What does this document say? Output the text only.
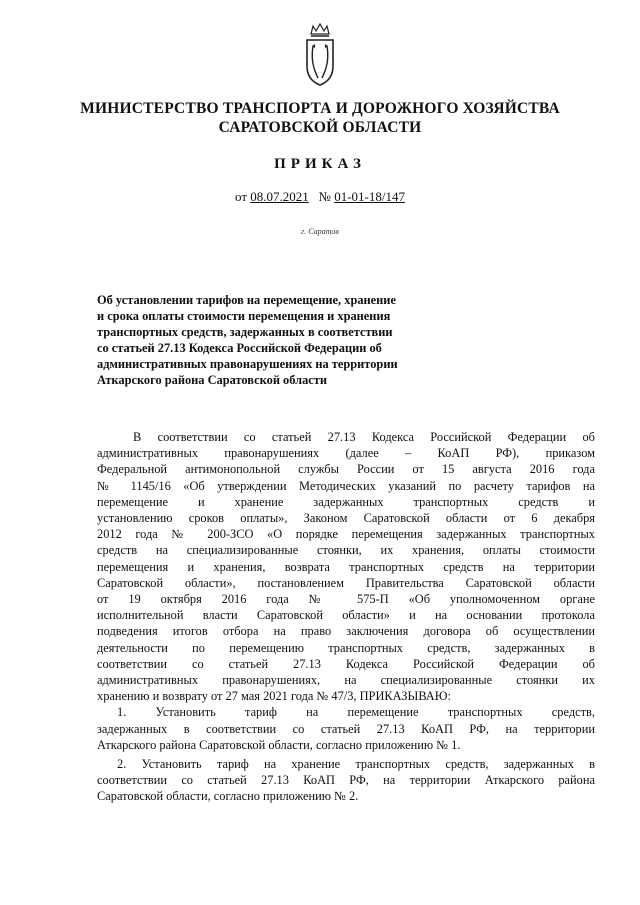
МИНИСТЕРСТВО ТРАНСПОРТА И ДОРОЖНОГО ХОЗЯЙСТВА
САРАТОВСКОЙ ОБЛАСТИ
ПРИКАЗ
от 08.07.2021 № 01-01-18/147
г. Саратов
Об установлении тарифов на перемещение, хранение
и срока оплаты стоимости перемещения и хранения
транспортных средств, задержанных в соответствии
со статьей 27.13 Кодекса Российской Федерации об
административных правонарушениях на территории
Аткарского района Саратовской области
В соответствии со статьей 27.13 Кодекса Российской Федерации об
административных правонарушениях (далее – КоАП РФ), приказом
Федеральной антимонопольной службы России от 15 августа 2016 года
№ 1145/16 «Об утверждении Методических указаний по расчету тарифов на
перемещение и хранение задержанных транспортных средств и
установлению сроков оплаты», Законом Саратовской области от 6 декабря
2012 года № 200-ЗСО «О порядке перемещения задержанных транспортных
средств на специализированные стоянки, их хранения, оплаты стоимости
перемещения и хранения, возврата транспортных средств на территории
Саратовской области», постановлением Правительства Саратовской области
от 19 октября 2016 года № 575-П «Об уполномоченном органе
исполнительной власти Саратовской области» и на основании протокола
подведения итогов отбора на право заключения договора об осуществлении
деятельности по перемещению транспортных средств, задержанных в
соответствии со статьей 27.13 Кодекса Российской Федерации об
административных правонарушениях, на специализированные стоянки их
хранению и возврату от 27 мая 2021 года № 47/3, ПРИКАЗЫВАЮ:
1. Установить тариф на перемещение транспортных средств,
задержанных в соответствии со статьей 27.13 КоАП РФ, на территории
Аткарского района Саратовской области, согласно приложению № 1.
2. Установить тариф на хранение транспортных средств, задержанных в
соответствии со статьей 27.13 КоАП РФ, на территории Аткарского района
Саратовской области, согласно приложению № 2.
